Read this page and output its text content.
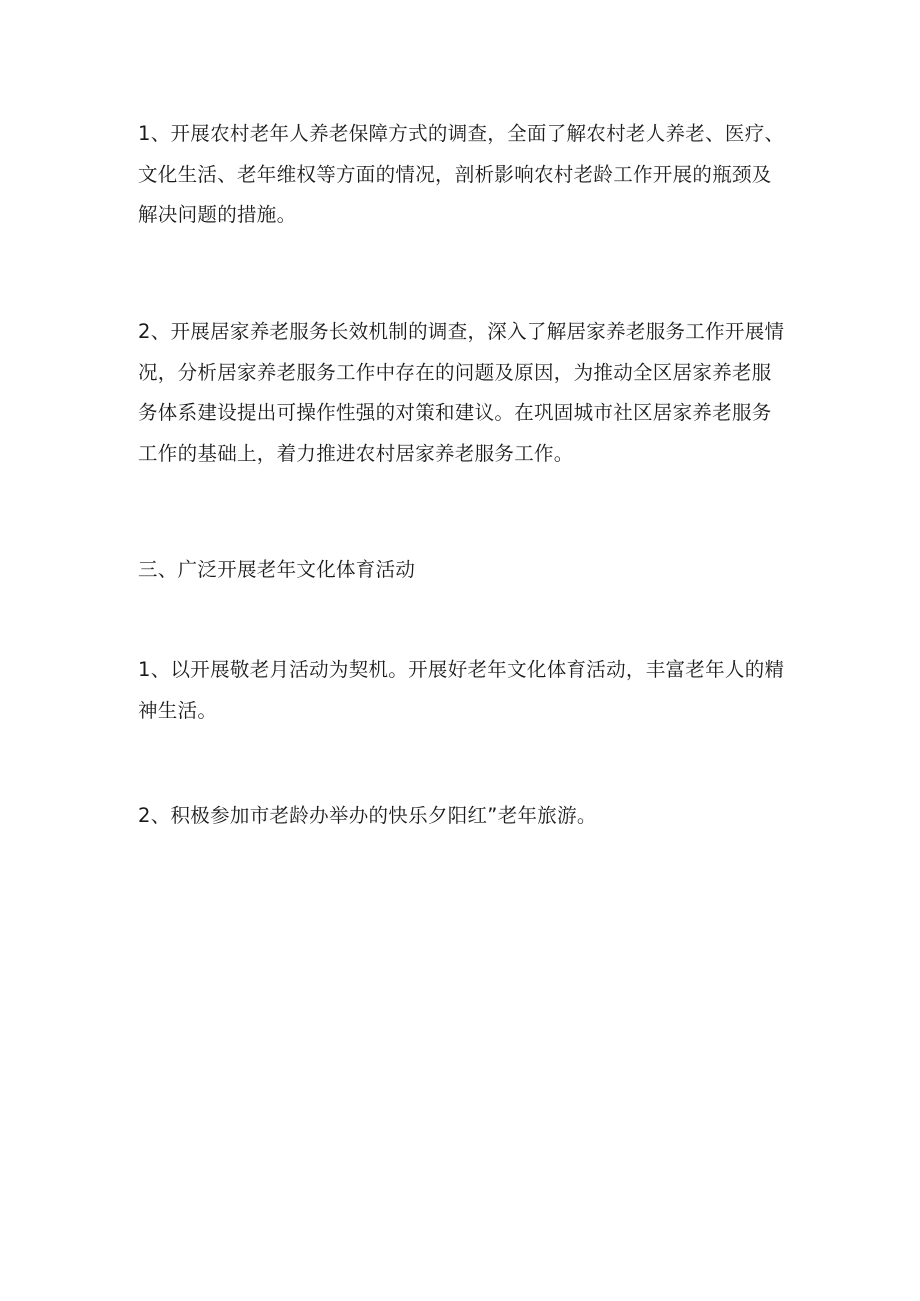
1、开展农村老年人养老保障方式的调查，全面了解农村老人养老、医疗、
文化生活、老年维权等方面的情况，剖析影响农村老龄工作开展的瓶颈及
解决问题的措施。

2、开展居家养老服务长效机制的调查，深入了解居家养老服务工作开展情
况，分析居家养老服务工作中存在的问题及原因，为推动全区居家养老服
务体系建设提出可操作性强的对策和建议。在巩固城市社区居家养老服务
工作的基础上，着力推进农村居家养老服务工作。

三、广泛开展老年文化体育活动

1、以开展敬老月活动为契机。开展好老年文化体育活动，丰富老年人的精
神生活。

2、积极参加市老龄办举办的快乐夕阳红”老年旅游。
